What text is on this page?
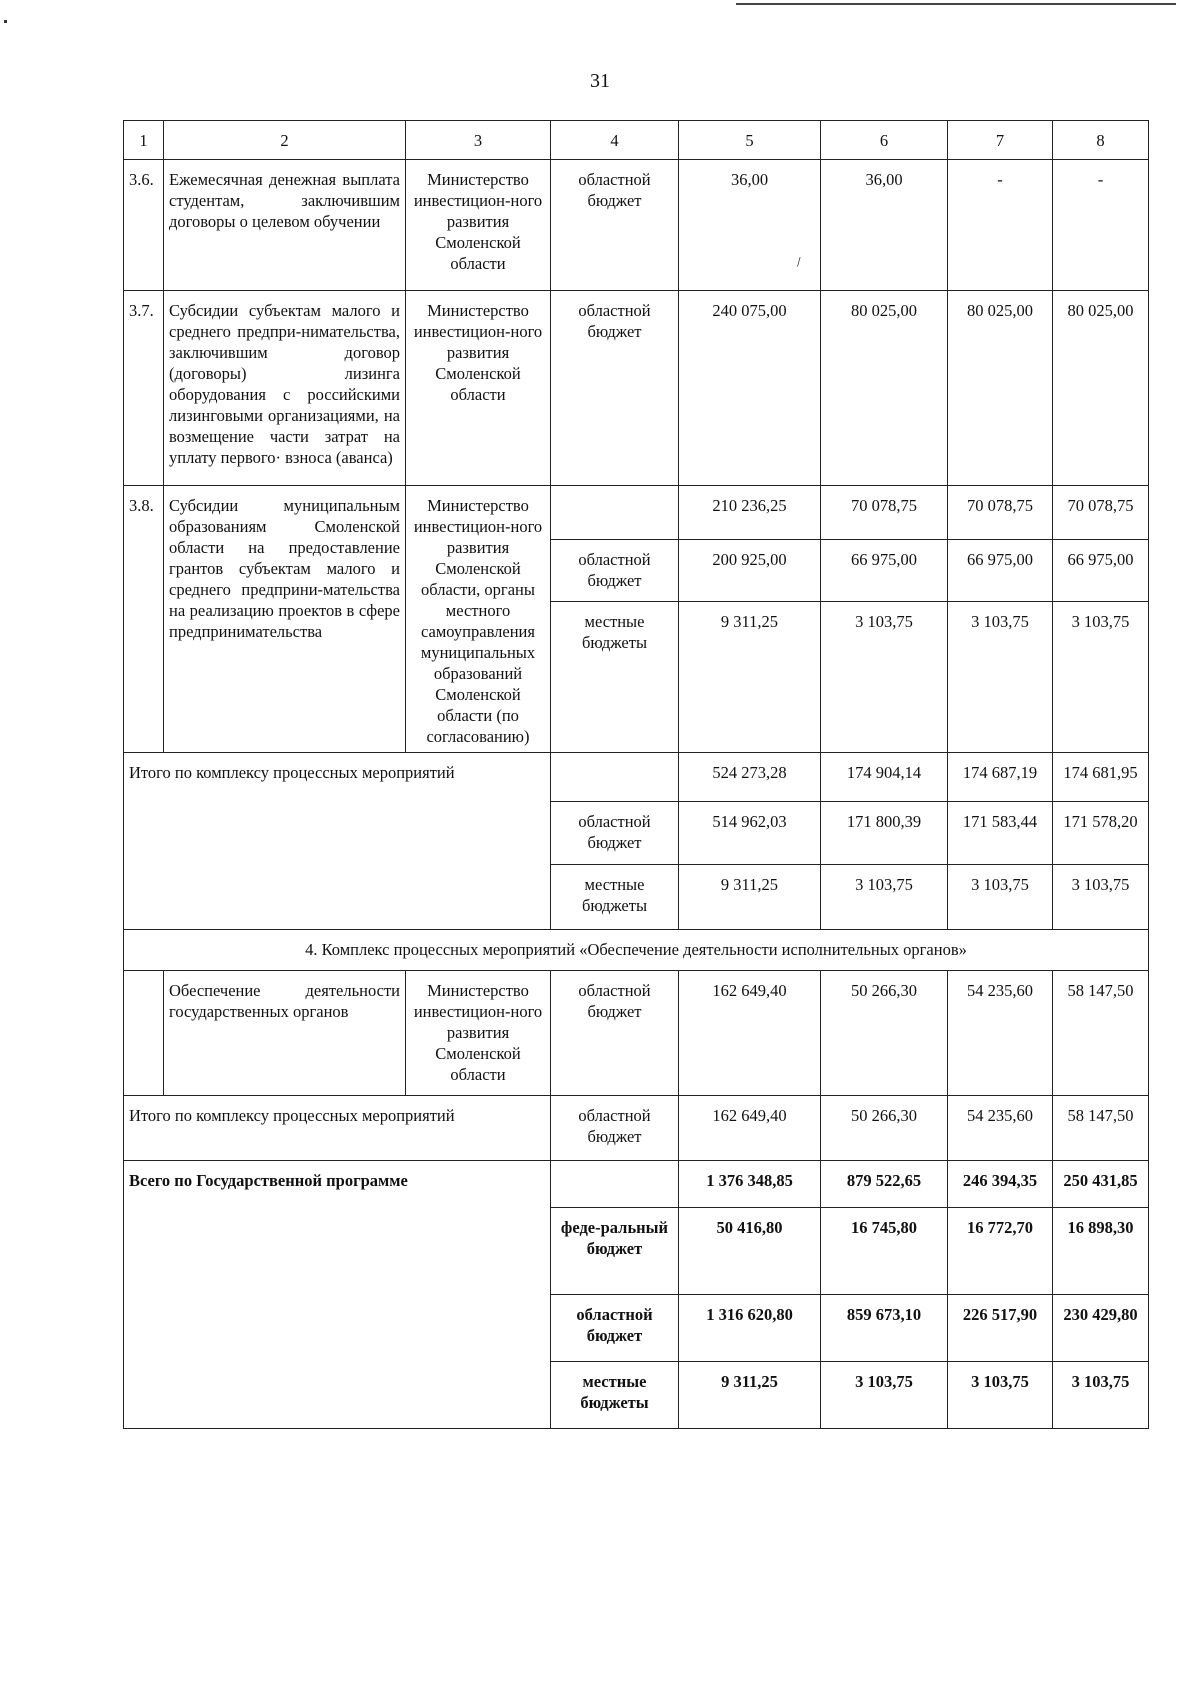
31
\
1	2	3	4	5	6	7	8
3.6.	Ежемесячная денежная выплата студентам, заключившим договоры о целевом обучении	Министерство инвестицион-ного развития Смоленской области	областной бюджет	36,00	36,00	-	-
3.7.	Субсидии субъектам малого и среднего предпри-нимательства, заключившим договор (договоры) лизинга оборудования с российскими лизинговыми организациями, на возмещение части затрат на уплату первого· взноса (аванса)	Министерство инвестицион-ного развития Смоленской области	областной бюджет	240 075,00	80 025,00	80 025,00	80 025,00
3.8.	Субсидии муниципальным образованиям Смоленской области на предоставление грантов субъектам малого и среднего предприни-мательства на реализацию проектов в сфере предпринимательства	Министерство инвестицион-ного развития Смоленской области, органы местного самоуправления муниципальных образований Смоленской области (по согласованию)		210 236,25	70 078,75	70 078,75	70 078,75
			областной бюджет	200 925,00	66 975,00	66 975,00	66 975,00
			местные бюджеты	9 311,25	3 103,75	3 103,75	3 103,75
Итого по комплексу процессных мероприятий				524 273,28	174 904,14	174 687,19	174 681,95
			областной бюджет	514 962,03	171 800,39	171 583,44	171 578,20
			местные бюджеты	9 311,25	3 103,75	3 103,75	3 103,75
4. Комплекс процессных мероприятий «Обеспечение деятельности исполнительных органов»							
	Обеспечение деятельности государственных органов	Министерство инвестицион-ного развития Смоленской области	областной бюджет	162 649,40	50 266,30	54 235,60	58 147,50
Итого по комплексу процессных мероприятий			областной бюджет	162 649,40	50 266,30	54 235,60	58 147,50
Всего по Государственной программе				1 376 348,85	879 522,65	246 394,35	250 431,85
			феде-ральный бюджет	50 416,80	16 745,80	16 772,70	16 898,30
			областной бюджет	1 316 620,80	859 673,10	226 517,90	230 429,80
			местные бюджеты	9 311,25	3 103,75	3 103,75	3 103,75
